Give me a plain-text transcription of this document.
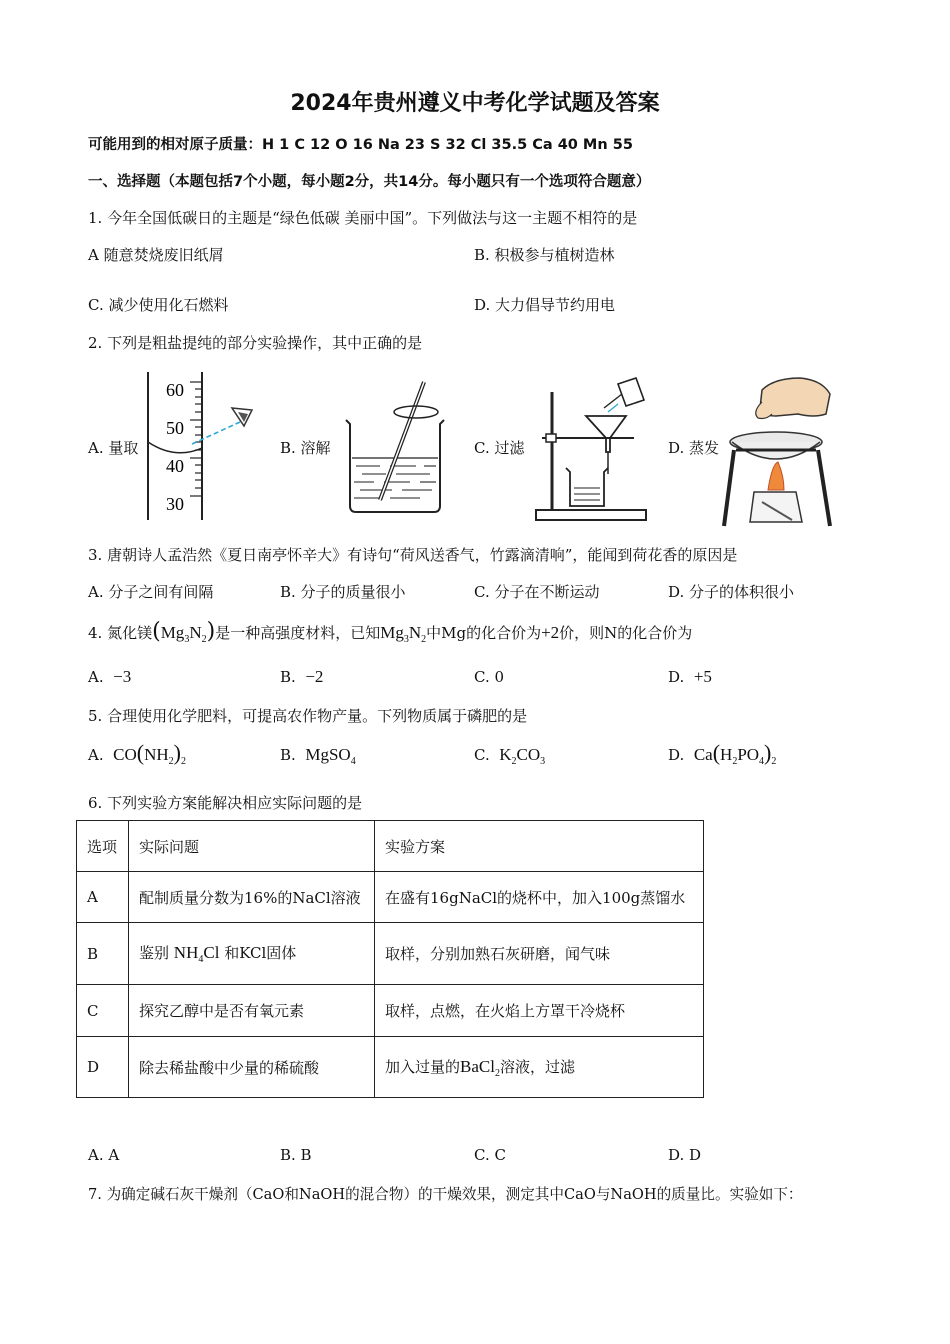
2024年贵州遵义中考化学试题及答案
可能用到的相对原子质量：H 1 C 12 O 16 Na 23 S 32 Cl 35.5 Ca 40 Mn 55
一、选择题（本题包括7个小题，每小题2分，共14分。每小题只有一个选项符合题意）
1. 今年全国低碳日的主题是“绿色低碳 美丽中国”。下列做法与这一主题不相符的是
A 随意焚烧废旧纸屑	B. 积极参与植树造林
C. 减少使用化石燃料	D. 大力倡导节约用电
2. 下列是粗盐提纯的部分实验操作，其中正确的是
A. 量取	B. 溶解	C. 过滤	D. 蒸发
60
50
40
30
3. 唐朝诗人孟浩然《夏日南亭怀辛大》有诗句“荷风送香气，竹露滴清响”，能闻到荷花香的原因是
A. 分子之间有间隔	B. 分子的质量很小	C. 分子在不断运动	D. 分子的体积很小
4. 氮化镁$(Mg_3N_2)$是一种高强度材料，已知$Mg_3N_2$中Mg的化合价为+2价，则N的化合价为
A. −3	B. −2	C. 0	D. +5
5. 合理使用化学肥料，可提高农作物产量。下列物质属于磷肥的是
A. $CO(NH_2)_2$	B. MgSO$_4$	C. $K_2CO_3$	D. $Ca(H_2PO_4)_2$
6. 下列实验方案能解决相应实际问题的是
选项	实际问题	实验方案
A	配制质量分数为16%的NaCl溶液	在盛有16gNaCl的烧杯中，加入100g蒸馏水
B	鉴别 $NH_4Cl$ 和KCl固体	取样，分别加熟石灰研磨，闻气味
C	探究乙醇中是否有氧元素	取样，点燃，在火焰上方罩干冷烧杯
D	除去稀盐酸中少量的稀硫酸	加入过量的BaCl$_2$溶液，过滤
A. A	B. B	C. C	D. D
7. 为确定碱石灰干燥剂（CaO和NaOH的混合物）的干燥效果，测定其中CaO与NaOH的质量比。实验如下：
